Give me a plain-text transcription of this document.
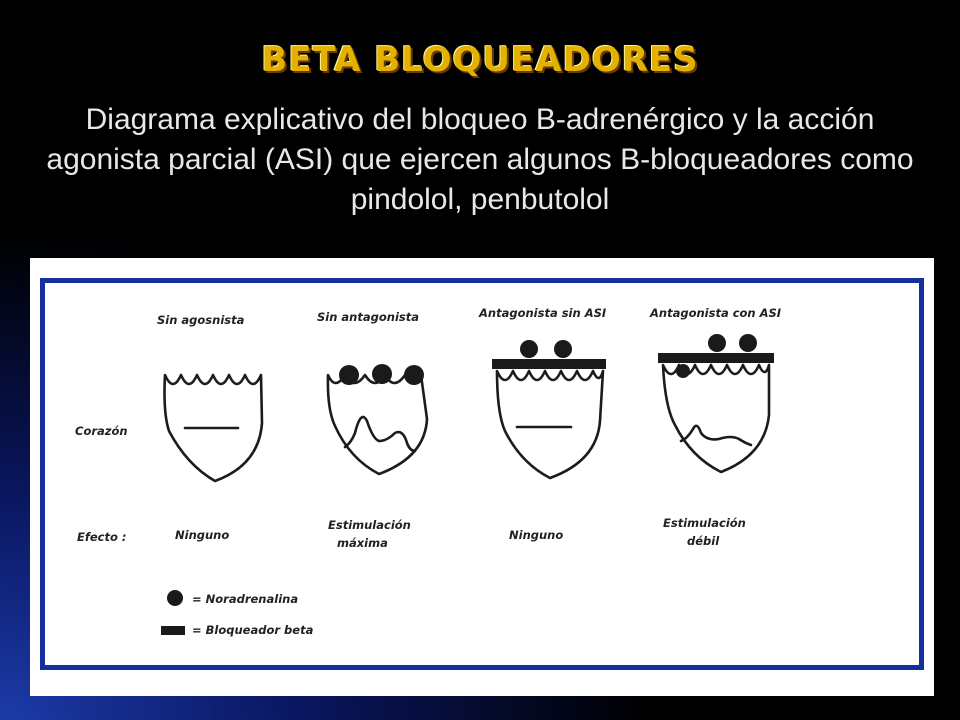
BETA BLOQUEADORES
Diagrama explicativo del bloqueo B-adrenérgico y la acción agonista parcial (ASI) que ejercen algunos B-bloqueadores como pindolol, penbutolol
Corazón
Efecto :
Sin agosnista
Ninguno
Sin antagonista
Estimulación
máxima
Antagonista sin ASI
Ninguno
Antagonista con ASI
Estimulación
débil
= Noradrenalina
= Bloqueador beta
